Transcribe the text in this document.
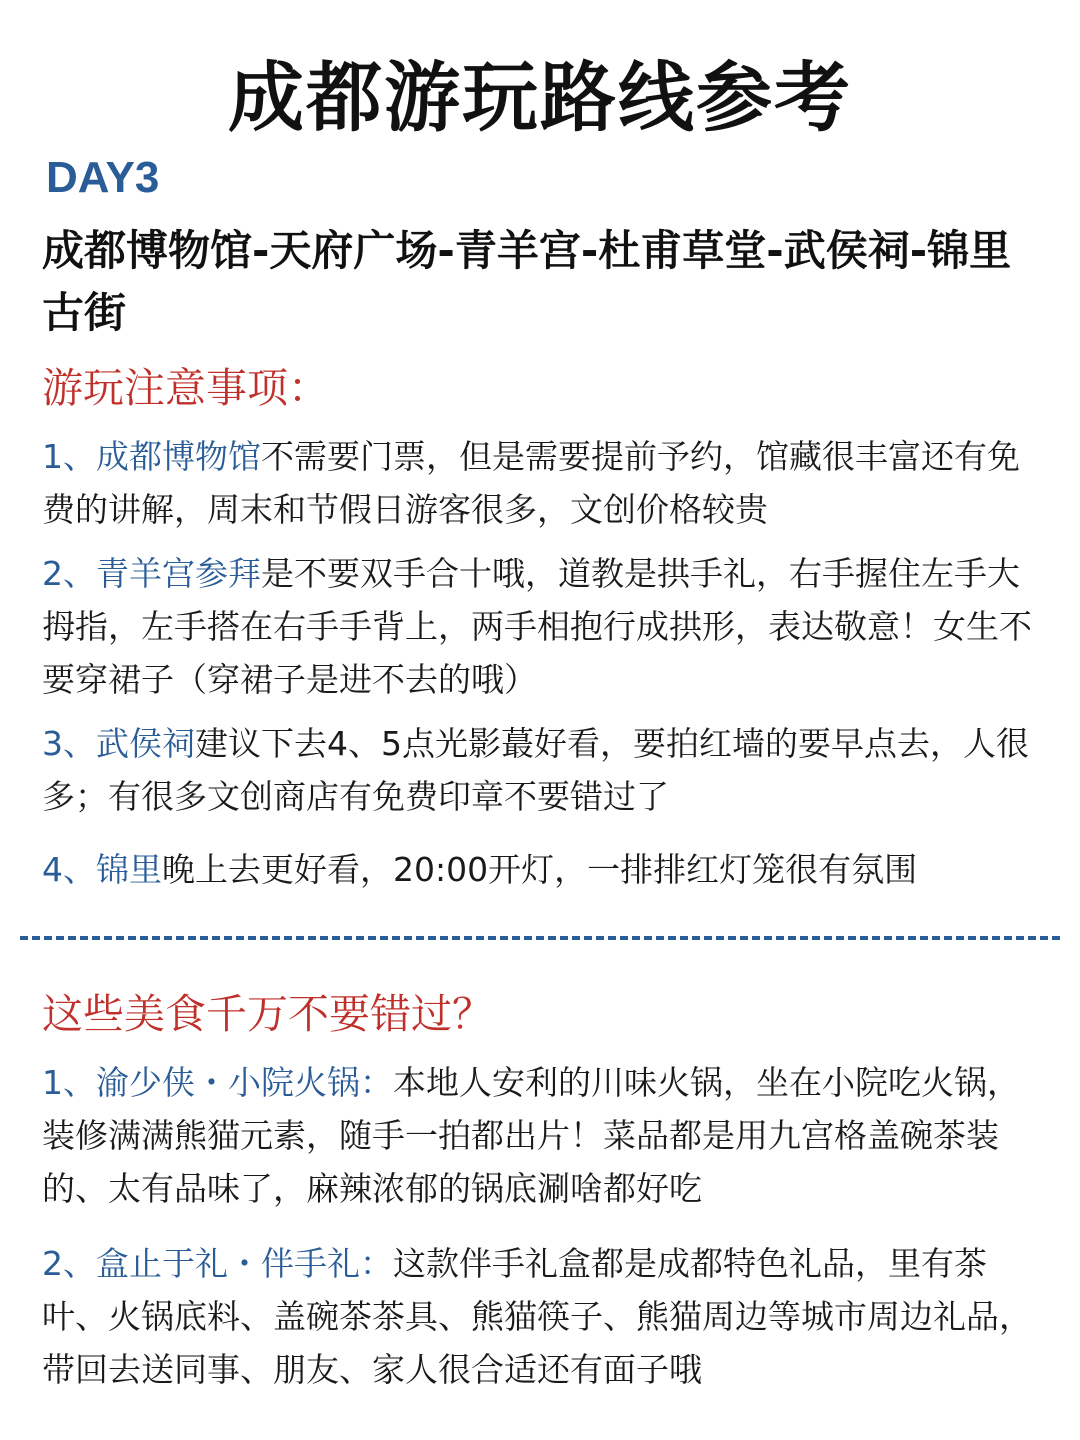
成都游玩路线参考
DAY3
成都博物馆-天府广场-青羊宫-杜甫草堂-武侯祠-锦里古街
游玩注意事项：
1、成都博物馆不需要门票，但是需要提前予约，馆藏很丰富还有免费的讲解，周末和节假日游客很多，文创价格较贵
2、青羊宫参拜是不要双手合十哦，道教是拱手礼，右手握住左手大拇指，左手搭在右手手背上，两手相抱行成拱形，表达敬意！女生不要穿裙子（穿裙子是进不去的哦）
3、武侯祠建议下去4、5点光影蕞好看，要拍红墙的要早点去，人很多；有很多文创商店有免费印章不要错过了
4、锦里晚上去更好看，20:00开灯，一排排红灯笼很有氛围
这些美食千万不要错过？
1、渝少侠・小院火锅：本地人安利的川味火锅，坐在小院吃火锅，装修满满熊猫元素，随手一拍都出片！菜品都是用九宫格盖碗茶装的、太有品味了，麻辣浓郁的锅底涮啥都好吃
2、盒止于礼・伴手礼：这款伴手礼盒都是成都特色礼品，里有茶叶、火锅底料、盖碗茶茶具、熊猫筷子、熊猫周边等城市周边礼品，带回去送同事、朋友、家人很合适还有面子哦
